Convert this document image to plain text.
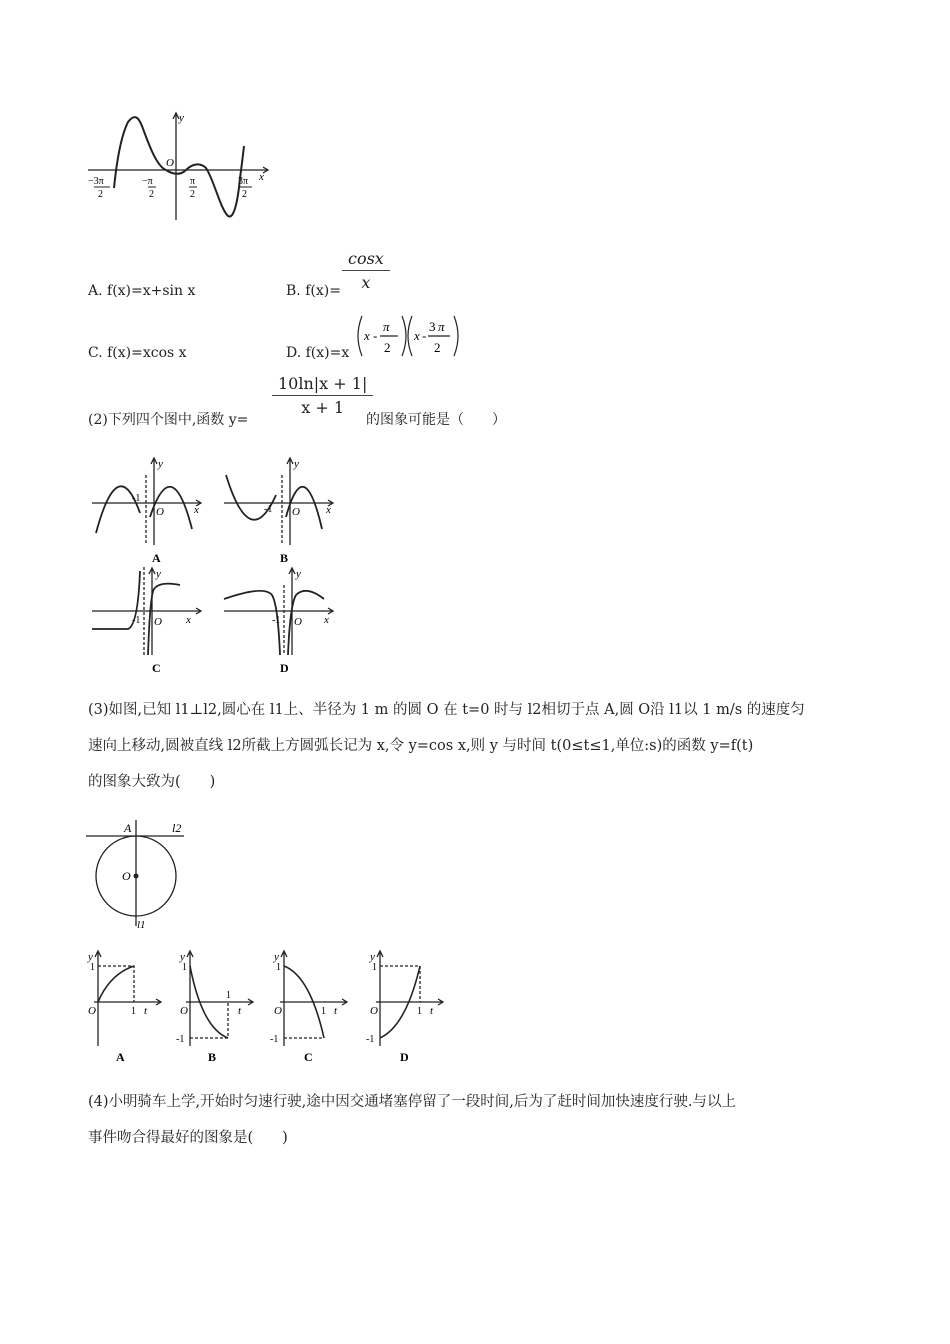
y
x
O
−3π
2
−π
2
π
2
3π
2
A. f(x)=x+sin x	B. $f(x)= \frac{\cos x}{x}$
C. f(x)=xcos x	D. f(x)=x
x -
π
2
x -
3 π
2
(2)下列四个图中,函数 y=
$\frac{10\ln|x + 1|}{x + 1}$
的图象可能是（　　）
y
x
O
-1
A
y
x
O
-1
B
y
x
O
-1
C
y
x
O
-1
D
(3)如图,已知 l1⊥l2,圆心在 l1上、半径为 1 m 的圆 O 在 t=0 时与 l2相切于点 A,圆 O沿 l1以 1 m/s 的速度匀
速向上移动,圆被直线 l2所截上方圆弧长记为 x,令 y=cos x,则 y 与时间 t(0≤t≤1,单位:s)的函数 y=f(t)
的图象大致为(　　)
A	l2
O
l1
y
1
O	1 t
A
y
1
O
-1
1
t
B
y
1
O
-1
1 t
C
y
1
O
-1
1 t
D
(4)小明骑车上学,开始时匀速行驶,途中因交通堵塞停留了一段时间,后为了赶时间加快速度行驶.与以上
事件吻合得最好的图象是(　　)
